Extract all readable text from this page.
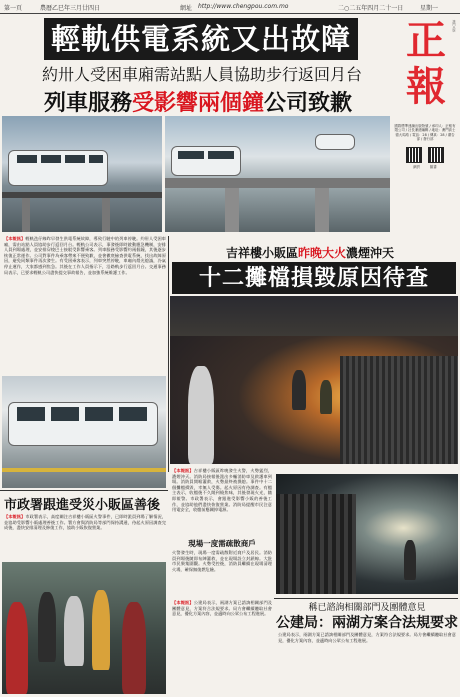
第一頁	農曆乙巳年三月廿四日	網址 http://www.chengpou.com.mo	二○二五年四月二十一日	星期一
輕軌供電系統又出故障
約卅人受困車廂需站點人員協助步行返回月台
列車服務受影響兩個鐘公司致歉
正
報
澳門出版
國際標準連續出版物號 / 承印人：正報有限公司 / 社長兼總編輯 / 地址：澳門高士德大馬路 / 電話：28 / 傳真：28 / 廣告部 / 發行部
網頁	臉書
【本報訊】輕軌氹仔線昨早發生供電系統故障，導致行駛中的列車停駛。約卅人受困車廂，需由站點人員協助步行返回月台。輕軌公司表示，事發後即時啟動應急機制，安排人員到場處理，並安排穿梭巴士接駁受影響乘客。列車服務受影響約兩個鐘，其後逐步恢復正常運作。公司對事件為乘客帶來不便致歉，並會徹底檢查供電系統，找出故障原因，避免同類事件再次發生。有受困乘客表示，列車突然停駛，車廂內燈光熄滅，冷氣停止運作，大家都感到焦急。其後在工作人員指示下，沿路軌步行返回月台。交通事務局表示，已要求輕軌公司盡快提交事故報告，並加強系統維護工作。
吉祥樓小販區昨晚大火濃煙沖天
十二攤檔損毀原因待查
【本報訊】吉祥樓小販區昨晚發生火警，火勢猛烈，濃煙沖天。消防局接報後派出多輛消防車及救護車到場。消防員開喉灌救，火勢最終被撲熄。事件中十二個攤檔損毀，幸無人受傷。起火原因有待調查。有檔主表示，收檔後不久聞到燒焦味，其後發現火光，隨即報警。市政署表示，會跟進受影響小販的善後工作，並協助他們盡快恢復營業。消防局提醒市民注意用電安全，收檔前應關掉電源。
現場一度需疏散商戶
火警發生時，現場一度需疏散附近商戶及居民。消防員到場後隨即布陣灌救，並在現場設立封鎖線。大批市民聚集圍觀。火勢受控後，消防員繼續在現場清理火場，確保無復燃危險。
市政署跟進受災小販區善後
【本報訊】市政署表示，高度關注吉祥樓小販區火警事件，已即時派員到場了解情況，並協助受影響小販處理善後工作。署方會與消防局等部門保持溝通，待起火原因調查完成後，盡快安排清理及修復工作，協助小販恢復營業。
稱已諮詢相關部門及團體意見
公建局：兩湖方案合法規要求
【本報訊】公建局表示，兩湖方案已諮詢相關部門及團體意見，方案符合法規要求。局方會繼續聽取社會意見，優化方案內容，並適時向公眾公布工程進展。
公建局表示，兩湖方案已諮詢相關部門及團體意見，方案符合法規要求。局方會繼續聽取社會意見，優化方案內容，並適時向公眾公布工程進展。
